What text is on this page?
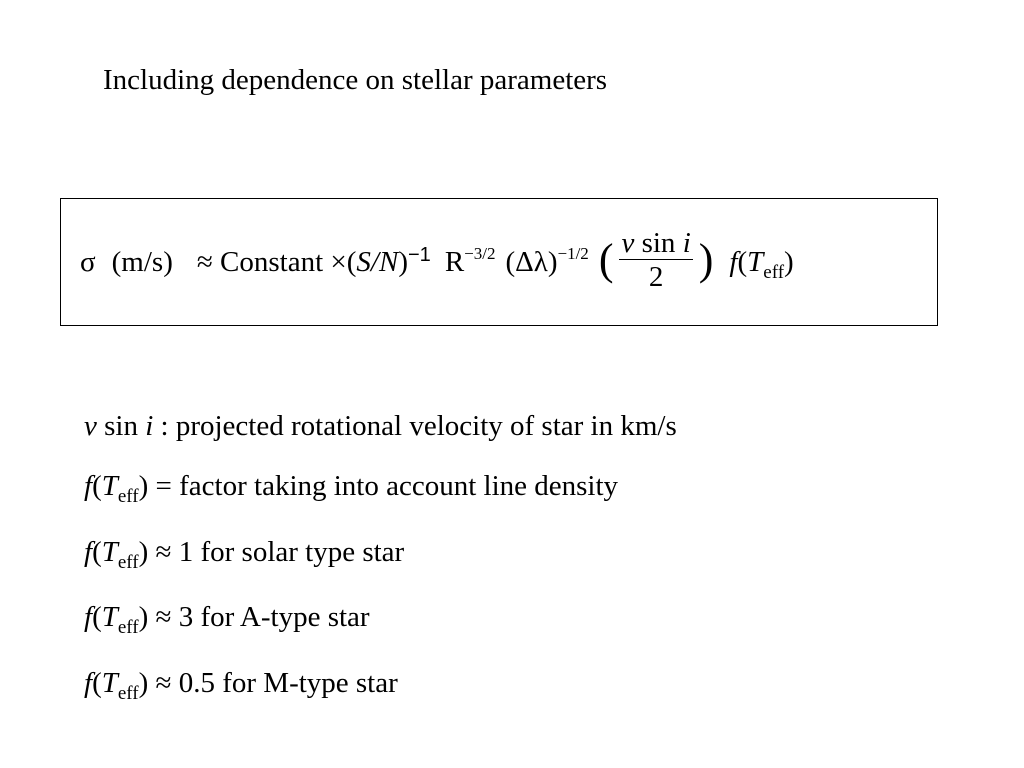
Including dependence on stellar parameters
σ (m/s) ≈ Constant × $(S/N)^{-1}$ $R^{-3/2}$ $(\Delta\lambda)^{-1/2}$ ( $\frac{\text{v sin i}}{2}$ ) $f(T_{eff})$
v sin i : projected rotational velocity of star in km/s
$f(T_{eff})$ = factor taking into account line density
$f(T_{eff}) \approx 1$ for solar type star
$f(T_{eff}) \approx 3$ for A-type star
$f(T_{eff}) \approx 0.5$ for M-type star
